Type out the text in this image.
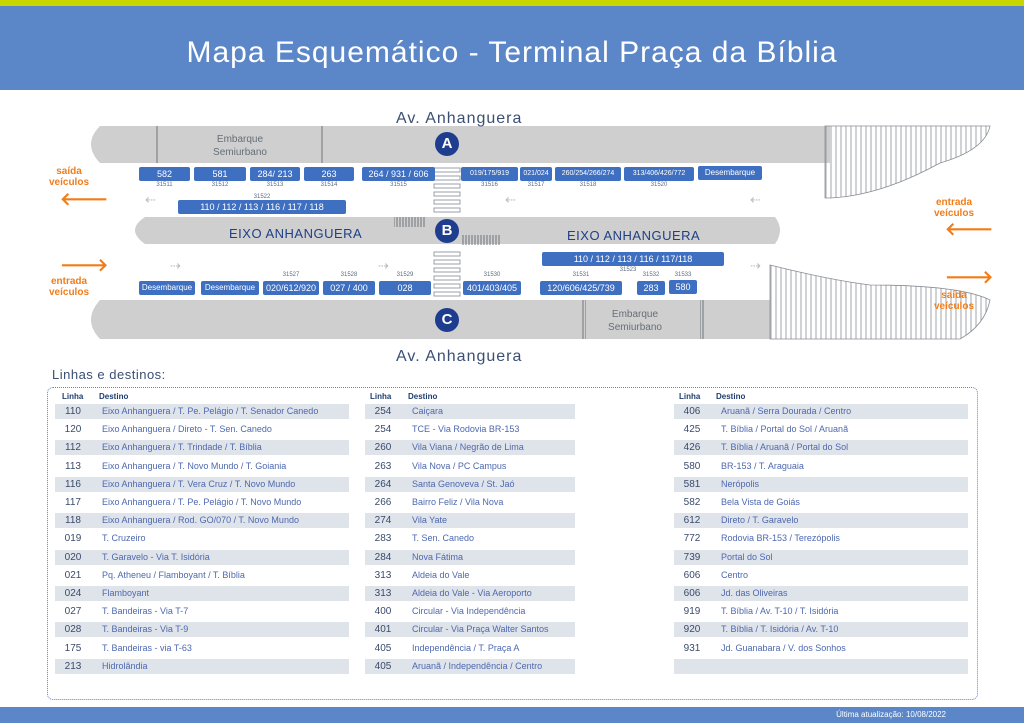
Mapa Esquemático - Terminal Praça da Bíblia
Av. Anhanguera
Av. Anhanguera
Embarque
Semiurbano
Embarque
Semiurbano
EIXO ANHANGUERA	EIXO ANHANGUERA
A
B
C
saída
veículos
🡐
entrada
veículos
🡒
entrada
veículos
🡐
saída
veículos
🡒
⇠	⇠	⇠
⇢	⇢	⇢
582
31511
581
31512
284/ 213
31513
263
31514
264 / 931 / 606
31515
019/175/919
31516
021/024
31517
260/254/266/274
31518
313/406/426/772
31520
Desembarque
31522
110 / 112 / 113 / 116 / 117 / 118
110 / 112 / 113 / 116 / 117/118
31523
Desembarque	Desembarque
31527
020/612/920
31528
027 / 400
31529
028
31530
401/403/405
31531
120/606/425/739
31532
283
31533
580
Linhas e destinos:
Linha Destino	Linha Destino	Linha Destino
110	Eixo Anhanguera / T. Pe. Pelágio / T. Senador Canedo
120	Eixo Anhanguera / Direto - T. Sen. Canedo
112	Eixo Anhanguera / T. Trindade / T. Bíblia
113	Eixo Anhanguera / T. Novo Mundo / T. Goiania
116	Eixo Anhanguera / T. Vera Cruz / T. Novo Mundo
117	Eixo Anhanguera / T. Pe. Pelágio / T. Novo Mundo
118	Eixo Anhanguera / Rod. GO/070 / T. Novo Mundo
019	T. Cruzeiro
020	T. Garavelo - Via T. Isidória
021	Pq. Atheneu / Flamboyant / T. Bíblia
024	Flamboyant
027	T. Bandeiras - Via T-7
028	T. Bandeiras - Via T-9
175	T. Bandeiras - via T-63
213	Hidrolândia
254	Caiçara
254	TCE - Via Rodovia BR-153
260	Vila Viana / Negrão de Lima
263	Vila Nova / PC Campus
264	Santa Genoveva / St. Jaó
266	Bairro Feliz / Vila Nova
274	Vila Yate
283	T. Sen. Canedo
284	Nova Fátima
313	Aldeia do Vale
313	Aldeia do Vale - Via Aeroporto
400	Circular - Via Independência
401	Circular - Via Praça Walter Santos
405	Independência / T. Praça A
405	Aruanã / Independência / Centro
406	Aruanã / Serra Dourada / Centro
425	T. Bíblia / Portal do Sol / Aruanã
426	T. Bíblia / Aruanã / Portal do Sol
580	BR-153 / T. Araguaia
581	Nerópolis
582	Bela Vista de Goiás
612	Direto / T. Garavelo
772	Rodovia BR-153 / Terezópolis
739	Portal do Sol
606	Centro
606	Jd. das Oliveiras
919	T. Bíblia / Av. T-10 / T. Isidória
920	T. Bíblia / T. Isidória / Av. T-10
931	Jd. Guanabara / V. dos Sonhos
Última atualização: 10/08/2022
